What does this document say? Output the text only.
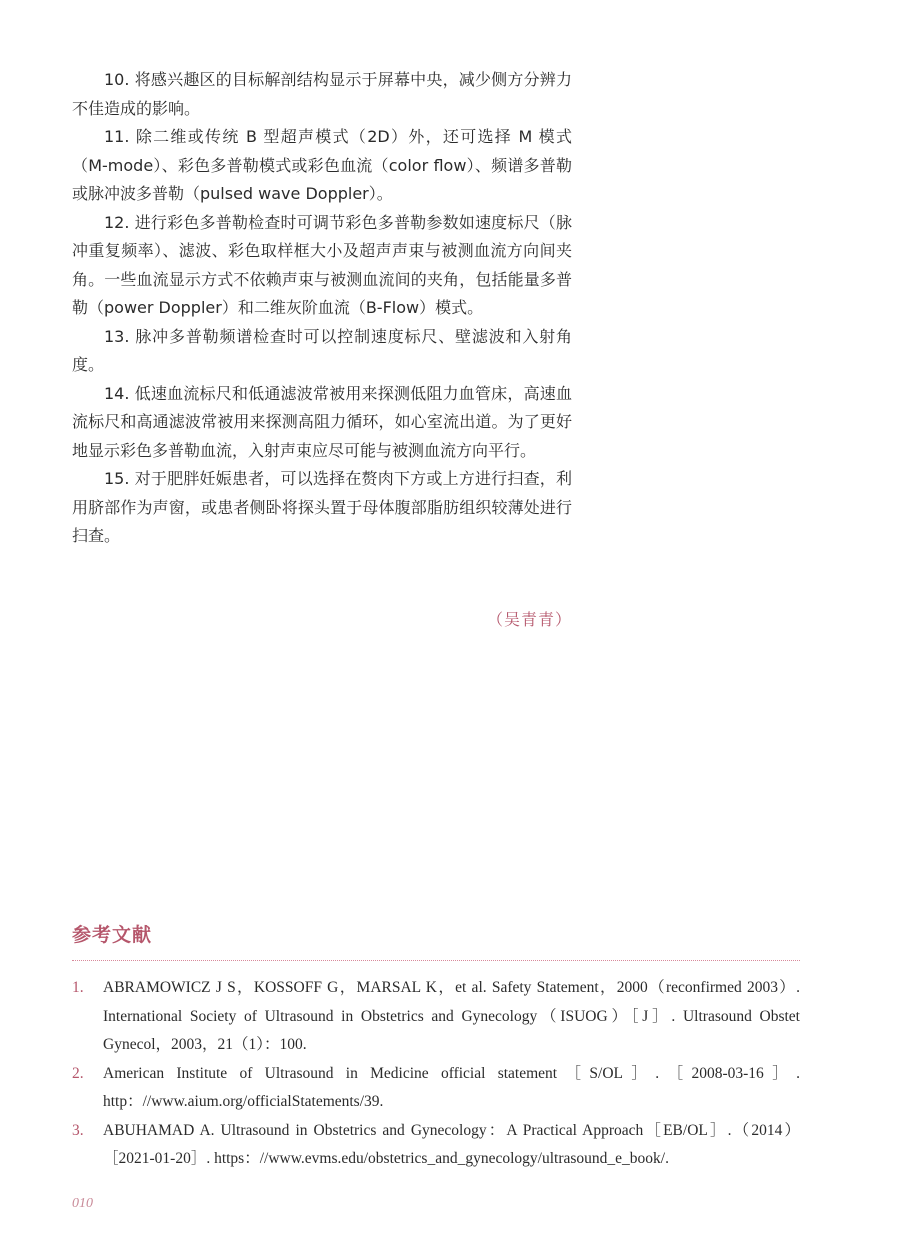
10. 将感兴趣区的目标解剖结构显示于屏幕中央，减少侧方分辨力不佳造成的影响。

11. 除二维或传统 B 型超声模式（2D）外，还可选择 M 模式（M-mode）、彩色多普勒模式或彩色血流（color flow）、频谱多普勒或脉冲波多普勒（pulsed wave Doppler）。

12. 进行彩色多普勒检查时可调节彩色多普勒参数如速度标尺（脉冲重复频率）、滤波、彩色取样框大小及超声声束与被测血流方向间夹角。一些血流显示方式不依赖声束与被测血流间的夹角，包括能量多普勒（power Doppler）和二维灰阶血流（B-Flow）模式。

13. 脉冲多普勒频谱检查时可以控制速度标尺、壁滤波和入射角度。

14. 低速血流标尺和低通滤波常被用来探测低阻力血管床，高速血流标尺和高通滤波常被用来探测高阻力循环，如心室流出道。为了更好地显示彩色多普勒血流，入射声束应尽可能与被测血流方向平行。

15. 对于肥胖妊娠患者，可以选择在赘肉下方或上方进行扫查，利用脐部作为声窗，或患者侧卧将探头置于母体腹部脂肪组织较薄处进行扫查。

（吴青青）
参考文献
1. ABRAMOWICZ J S，KOSSOFF G，MARSAL K，et al. Safety Statement，2000（reconfirmed 2003）. International Society of Ultrasound in Obstetrics and Gynecology（ISUOG）［J］. Ultrasound Obstet Gynecol，2003，21（1）：100.
2. American Institute of Ultrasound in Medicine official statement［S/OL］.［2008-03-16］. http：//www.aium.org/officialStatements/39.
3. ABUHAMAD A. Ultrasound in Obstetrics and Gynecology：A Practical Approach［EB/OL］.（2014）［2021-01-20］. https：//www.evms.edu/obstetrics_and_gynecology/ultrasound_e_book/.
010
